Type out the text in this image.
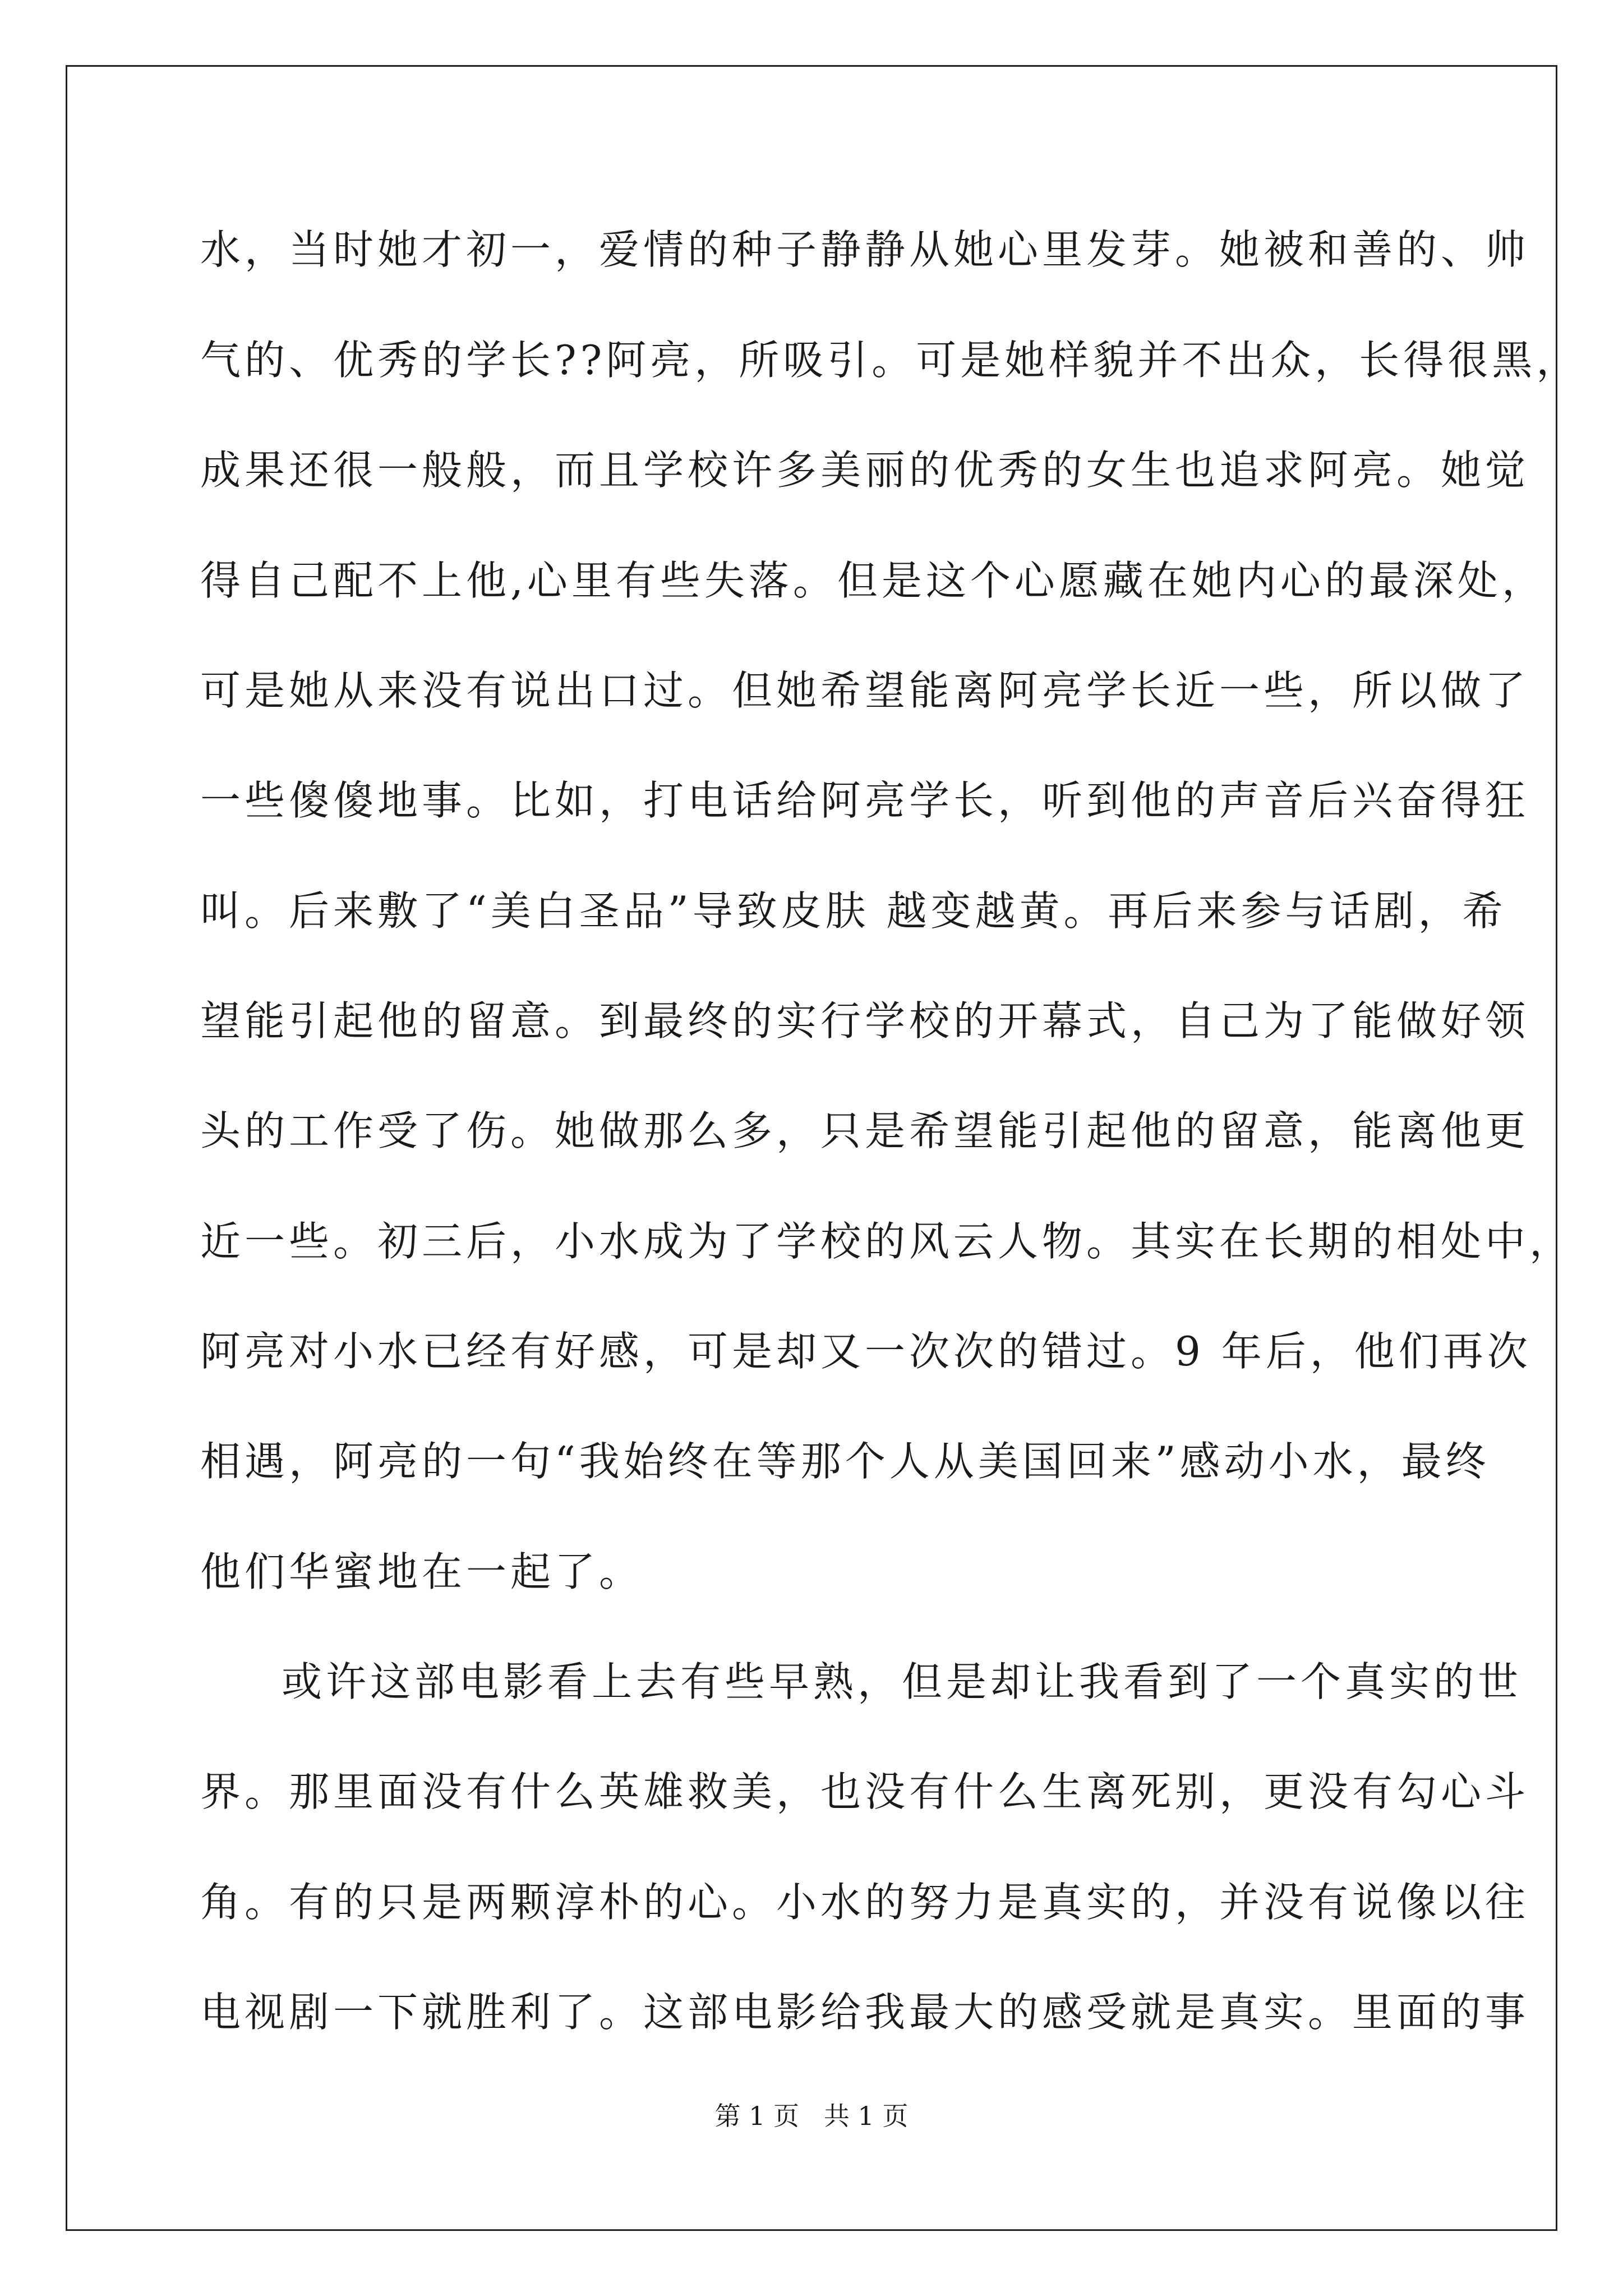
水，当时她才初一，爱情的种子静静从她心里发芽。她被和善的、帅
气的、优秀的学长??阿亮，所吸引。可是她样貌并不出众，长得很黑，
成果还很一般般，而且学校许多美丽的优秀的女生也追求阿亮。她觉
得自己配不上他,心里有些失落。但是这个心愿藏在她内心的最深处，
可是她从来没有说出口过。但她希望能离阿亮学长近一些，所以做了
一些傻傻地事。比如，打电话给阿亮学长，听到他的声音后兴奋得狂
叫。后来敷了“美白圣品”导致皮肤 越变越黄。再后来参与话剧，希
望能引起他的留意。到最终的实行学校的开幕式，自己为了能做好领
头的工作受了伤。她做那么多，只是希望能引起他的留意，能离他更
近一些。初三后，小水成为了学校的风云人物。其实在长期的相处中，
阿亮对小水已经有好感，可是却又一次次的错过。9 年后，他们再次
相遇，阿亮的一句“我始终在等那个人从美国回来”感动小水，最终
他们华蜜地在一起了。
或许这部电影看上去有些早熟，但是却让我看到了一个真实的世
界。那里面没有什么英雄救美，也没有什么生离死别，更没有勾心斗
角。有的只是两颗淳朴的心。小水的努力是真实的，并没有说像以往
电视剧一下就胜利了。这部电影给我最大的感受就是真实。里面的事
第 1 页   共 1 页
